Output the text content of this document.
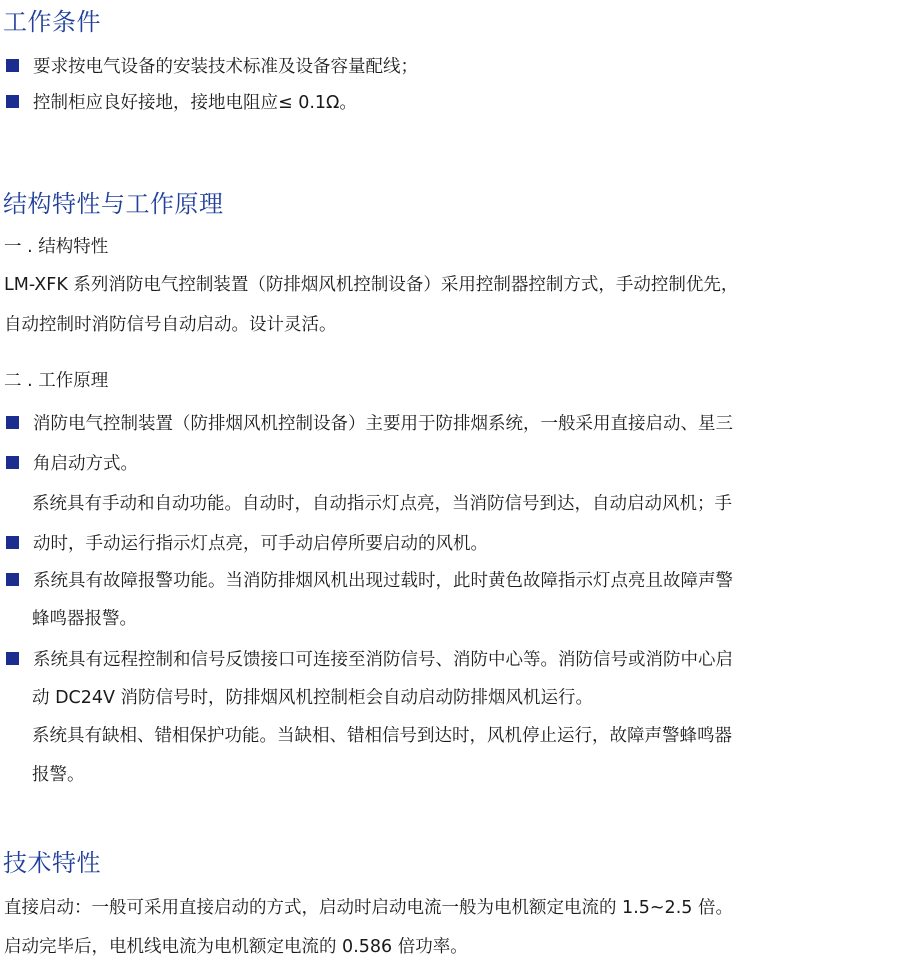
工作条件
要求按电气设备的安装技术标准及设备容量配线；
控制柜应良好接地，接地电阻应≤ 0.1Ω。
结构特性与工作原理
一 . 结构特性
LM-XFK 系列消防电气控制装置（防排烟风机控制设备）采用控制器控制方式，手动控制优先，
自动控制时消防信号自动启动。设计灵活。
二 . 工作原理
消防电气控制装置（防排烟风机控制设备）主要用于防排烟系统，一般采用直接启动、星三
角启动方式。
系统具有手动和自动功能。自动时，自动指示灯点亮，当消防信号到达，自动启动风机；手
动时，手动运行指示灯点亮，可手动启停所要启动的风机。
系统具有故障报警功能。当消防排烟风机出现过载时，此时黄色故障指示灯点亮且故障声警
蜂鸣器报警。
系统具有远程控制和信号反馈接口可连接至消防信号、消防中心等。消防信号或消防中心启
动 DC24V 消防信号时，防排烟风机控制柜会自动启动防排烟风机运行。
系统具有缺相、错相保护功能。当缺相、错相信号到达时，风机停止运行，故障声警蜂鸣器
报警。
技术特性
直接启动：一般可采用直接启动的方式，启动时启动电流一般为电机额定电流的 1.5~2.5 倍。
启动完毕后，电机线电流为电机额定电流的 0.586 倍功率。
